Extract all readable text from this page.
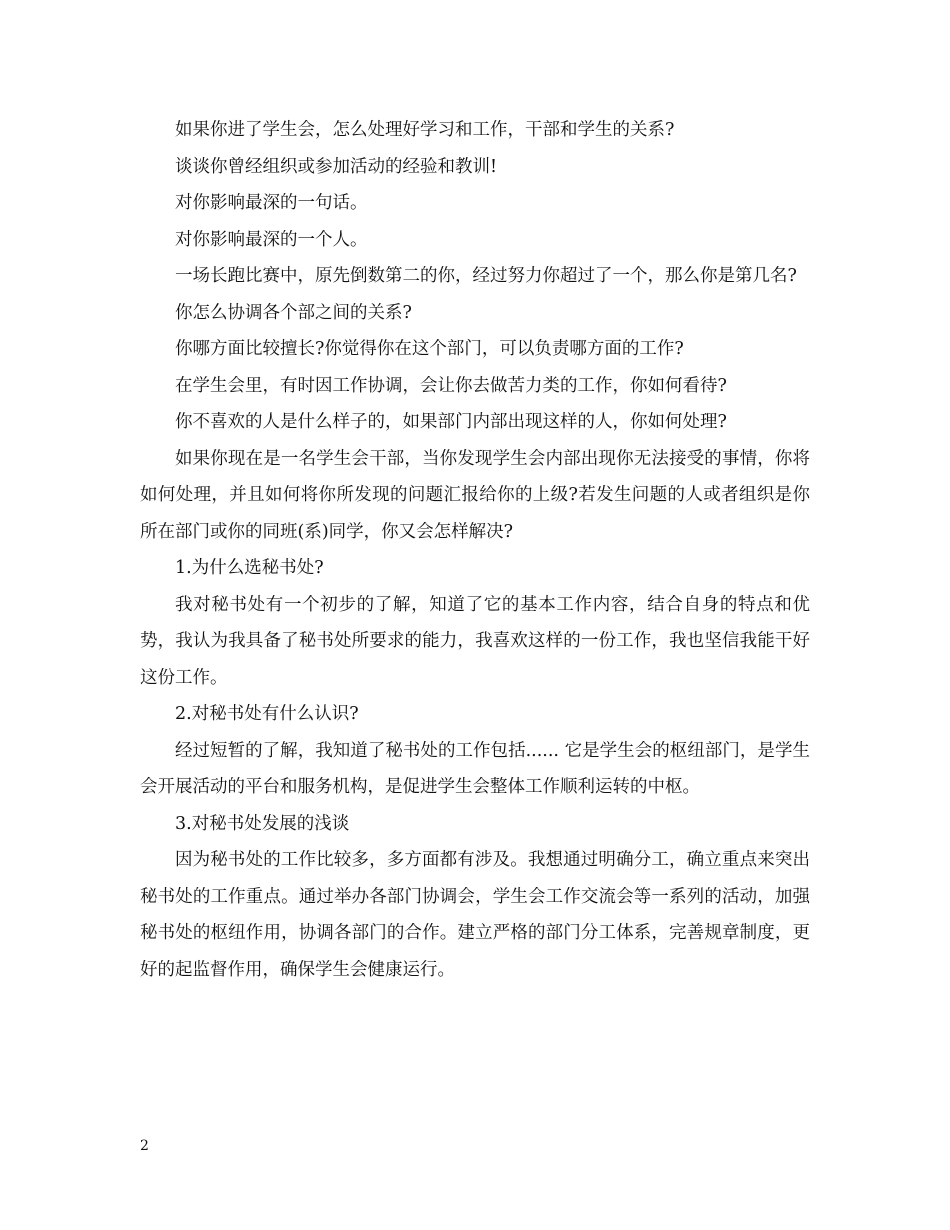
如果你进了学生会，怎么处理好学习和工作，干部和学生的关系?

谈谈你曾经组织或参加活动的经验和教训!

对你影响最深的一句话。

对你影响最深的一个人。

一场长跑比赛中，原先倒数第二的你，经过努力你超过了一个，那么你是第几名?

你怎么协调各个部之间的关系?

你哪方面比较擅长?你觉得你在这个部门，可以负责哪方面的工作?

在学生会里，有时因工作协调，会让你去做苦力类的工作，你如何看待?

你不喜欢的人是什么样子的，如果部门内部出现这样的人，你如何处理?

如果你现在是一名学生会干部，当你发现学生会内部出现你无法接受的事情，你将如何处理，并且如何将你所发现的问题汇报给你的上级?若发生问题的人或者组织是你所在部门或你的同班(系)同学，你又会怎样解决?

1.为什么选秘书处?

我对秘书处有一个初步的了解，知道了它的基本工作内容，结合自身的特点和优势，我认为我具备了秘书处所要求的能力，我喜欢这样的一份工作，我也坚信我能干好这份工作。

2.对秘书处有什么认识?

经过短暂的了解，我知道了秘书处的工作包括...... 它是学生会的枢纽部门，是学生会开展活动的平台和服务机构，是促进学生会整体工作顺利运转的中枢。

3.对秘书处发展的浅谈

因为秘书处的工作比较多，多方面都有涉及。我想通过明确分工，确立重点来突出秘书处的工作重点。通过举办各部门协调会，学生会工作交流会等一系列的活动，加强秘书处的枢纽作用，协调各部门的合作。建立严格的部门分工体系，完善规章制度，更好的起监督作用，确保学生会健康运行。

2
